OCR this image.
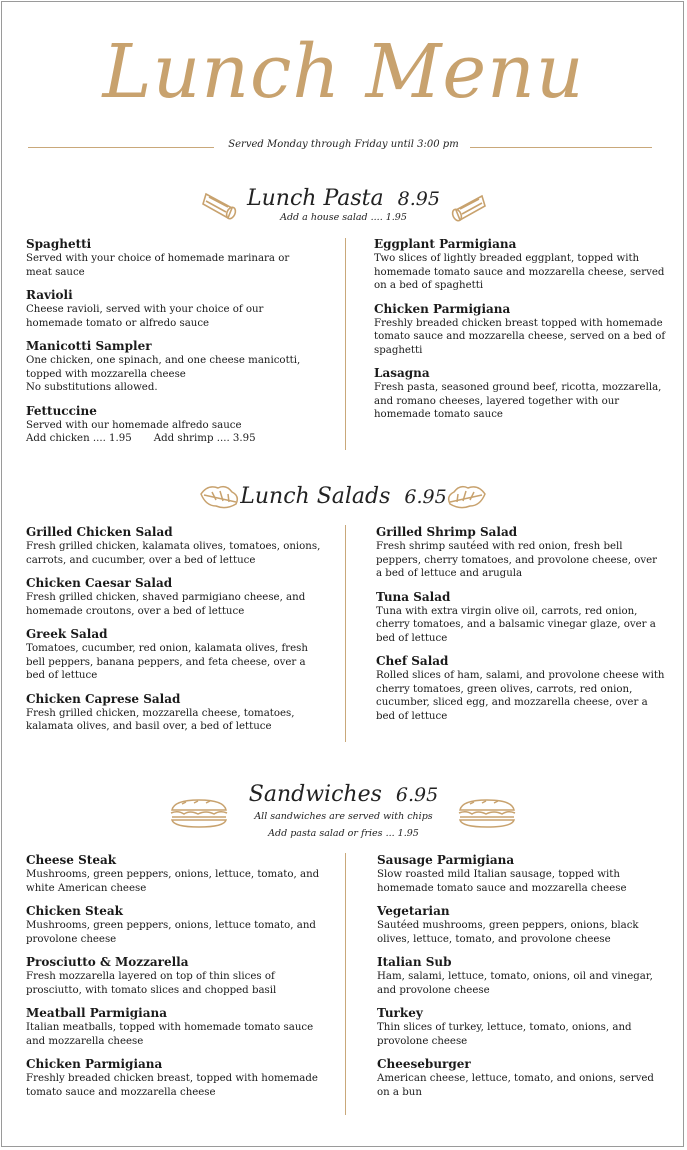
Lunch Menu
Served Monday through Friday until 3:00 pm
Lunch Pasta 8.95
Add a house salad .... 1.95
Spaghetti
Served with your choice of homemade marinara or meat sauce
Ravioli
Cheese ravioli, served with your choice of our homemade tomato or alfredo sauce
Manicotti Sampler
One chicken, one spinach, and one cheese manicotti, topped with mozzarella cheese
No substitutions allowed.
Fettuccine
Served with our homemade alfredo sauce
Add chicken .... 1.95 Add shrimp .... 3.95
Eggplant Parmigiana
Two slices of lightly breaded eggplant, topped with homemade tomato sauce and mozzarella cheese, served on a bed of spaghetti
Chicken Parmigiana
Freshly breaded chicken breast topped with homemade tomato sauce and mozzarella cheese, served on a bed of spaghetti
Lasagna
Fresh pasta, seasoned ground beef, ricotta, mozzarella, and romano cheeses, layered together with our homemade tomato sauce
Lunch Salads 6.95
Grilled Chicken Salad
Fresh grilled chicken, kalamata olives, tomatoes, onions, carrots, and cucumber, over a bed of lettuce
Chicken Caesar Salad
Fresh grilled chicken, shaved parmigiano cheese, and homemade croutons, over a bed of lettuce
Greek Salad
Tomatoes, cucumber, red onion, kalamata olives, fresh bell peppers, banana peppers, and feta cheese, over a bed of lettuce
Chicken Caprese Salad
Fresh grilled chicken, mozzarella cheese, tomatoes, kalamata olives, and basil over, a bed of lettuce
Grilled Shrimp Salad
Fresh shrimp sautéed with red onion, fresh bell peppers, cherry tomatoes, and provolone cheese, over a bed of lettuce and arugula
Tuna Salad
Tuna with extra virgin olive oil, carrots, red onion, cherry tomatoes, and a balsamic vinegar glaze, over a bed of lettuce
Chef Salad
Rolled slices of ham, salami, and provolone cheese with cherry tomatoes, green olives, carrots, red onion, cucumber, sliced egg, and mozzarella cheese, over a bed of lettuce
Sandwiches 6.95
All sandwiches are served with chips
Add pasta salad or fries ... 1.95
Cheese Steak
Mushrooms, green peppers, onions, lettuce, tomato, and white American cheese
Chicken Steak
Mushrooms, green peppers, onions, lettuce tomato, and provolone cheese
Prosciutto & Mozzarella
Fresh mozzarella layered on top of thin slices of prosciutto, with tomato slices and chopped basil
Meatball Parmigiana
Italian meatballs, topped with homemade tomato sauce and mozzarella cheese
Chicken Parmigiana
Freshly breaded chicken breast, topped with homemade tomato sauce and mozzarella cheese
Sausage Parmigiana
Slow roasted mild Italian sausage, topped with homemade tomato sauce and mozzarella cheese
Vegetarian
Sautéed mushrooms, green peppers, onions, black olives, lettuce, tomato, and provolone cheese
Italian Sub
Ham, salami, lettuce, tomato, onions, oil and vinegar, and provolone cheese
Turkey
Thin slices of turkey, lettuce, tomato, onions, and provolone cheese
Cheeseburger
American cheese, lettuce, tomato, and onions, served on a bun
